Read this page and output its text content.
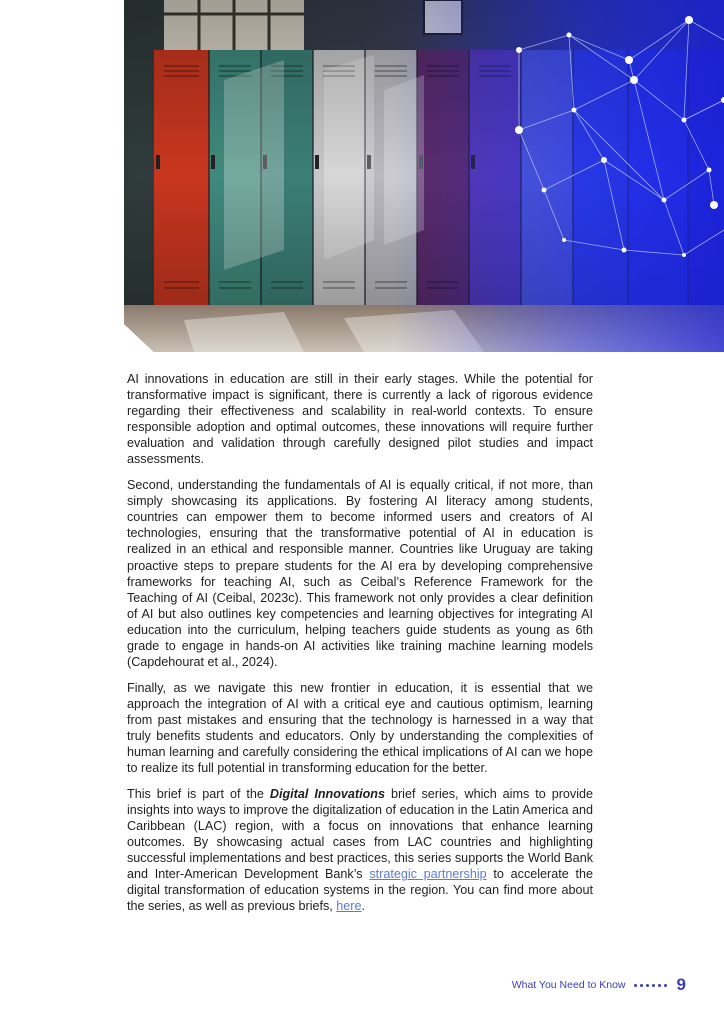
AI innovations in education are still in their early stages. While the potential for transformative impact is significant, there is currently a lack of rigorous evidence regarding their effectiveness and scalability in real-world contexts. To ensure responsible adoption and optimal outcomes, these innovations will require further evaluation and validation through carefully designed pilot studies and impact assessments.

Second, understanding the fundamentals of AI is equally critical, if not more, than simply showcasing its applications. By fostering AI literacy among students, countries can empower them to become informed users and creators of AI technologies, ensuring that the transformative potential of AI in education is realized in an ethical and responsible manner. Countries like Uruguay are taking proactive steps to prepare students for the AI era by developing comprehensive frameworks for teaching AI, such as Ceibal’s Reference Framework for the Teaching of AI (Ceibal, 2023c). This framework not only provides a clear definition of AI but also outlines key competencies and learning objectives for integrating AI education into the curriculum, helping teachers guide students as young as 6th grade to engage in hands-on AI activities like training machine learning models (Capdehourat et al., 2024).

Finally, as we navigate this new frontier in education, it is essential that we approach the integration of AI with a critical eye and cautious optimism, learning from past mistakes and ensuring that the technology is harnessed in a way that truly benefits students and educators. Only by understanding the complexities of human learning and carefully considering the ethical implications of AI can we hope to realize its full potential in transforming education for the better.

This brief is part of the Digital Innovations brief series, which aims to provide insights into ways to improve the digitalization of education in the Latin America and Caribbean (LAC) region, with a focus on innovations that enhance learning outcomes. By showcasing actual cases from LAC countries and highlighting successful implementations and best practices, this series supports the World Bank and Inter-American Development Bank’s strategic partnership to accelerate the digital transformation of education systems in the region. You can find more about the series, as well as previous briefs, here.

What You Need to Know	9
